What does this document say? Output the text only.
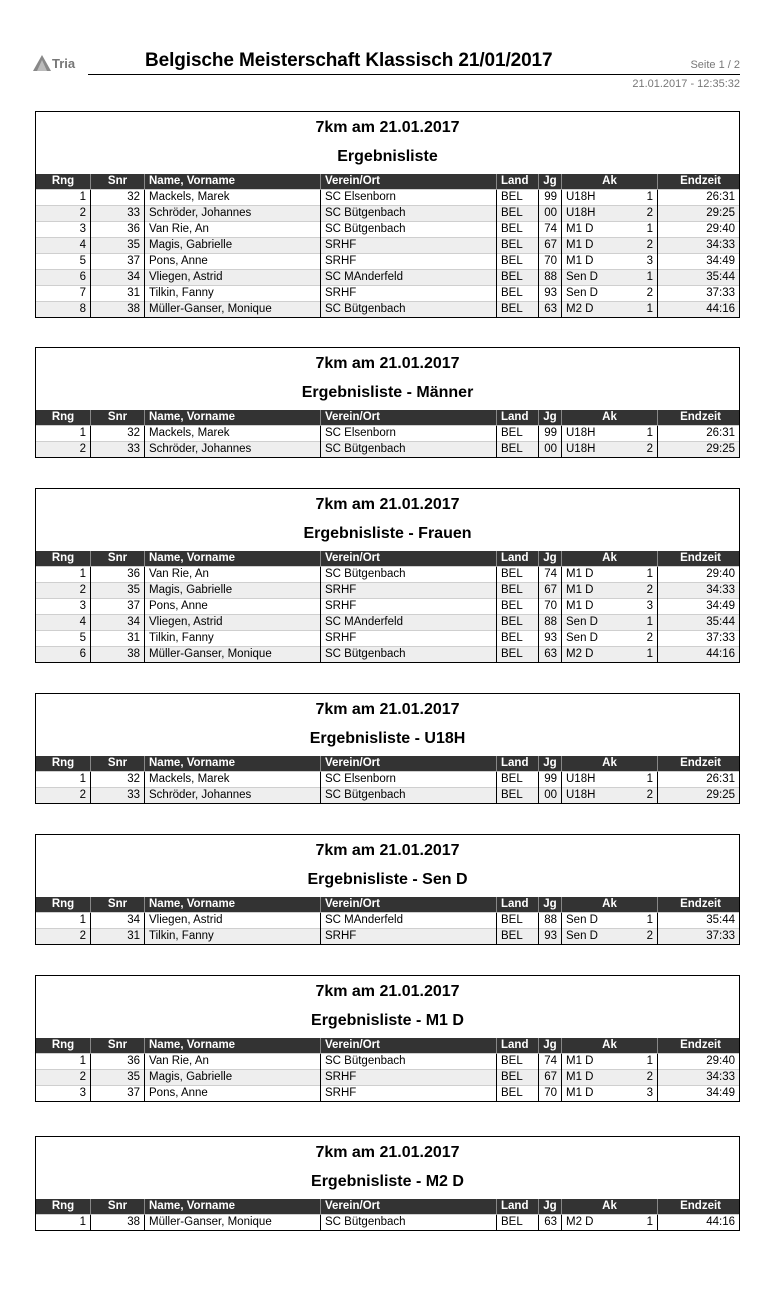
Tria	Belgische Meisterschaft Klassisch 21/01/2017	Seite 1 / 2
21.01.2017 - 12:35:32
7km am 21.01.2017
Ergebnisliste
Rng	Snr	Name, Vorname	Verein/Ort	Land	Jg	Ak	Endzeit
1	32	Mackels, Marek	SC Elsenborn	BEL	99	U18H 1	26:31
2	33	Schröder, Johannes	SC Bütgenbach	BEL	00	U18H 2	29:25
3	36	Van Rie, An	SC Bütgenbach	BEL	74	M1 D 1	29:40
4	35	Magis, Gabrielle	SRHF	BEL	67	M1 D 2	34:33
5	37	Pons, Anne	SRHF	BEL	70	M1 D 3	34:49
6	34	Vliegen, Astrid	SC MAnderfeld	BEL	88	Sen D 1	35:44
7	31	Tilkin, Fanny	SRHF	BEL	93	Sen D 2	37:33
8	38	Müller-Ganser, Monique	SC Bütgenbach	BEL	63	M2 D 1	44:16
7km am 21.01.2017
Ergebnisliste - Männer
Rng	Snr	Name, Vorname	Verein/Ort	Land	Jg	Ak	Endzeit
1	32	Mackels, Marek	SC Elsenborn	BEL	99	U18H 1	26:31
2	33	Schröder, Johannes	SC Bütgenbach	BEL	00	U18H 2	29:25
7km am 21.01.2017
Ergebnisliste - Frauen
Rng	Snr	Name, Vorname	Verein/Ort	Land	Jg	Ak	Endzeit
1	36	Van Rie, An	SC Bütgenbach	BEL	74	M1 D 1	29:40
2	35	Magis, Gabrielle	SRHF	BEL	67	M1 D 2	34:33
3	37	Pons, Anne	SRHF	BEL	70	M1 D 3	34:49
4	34	Vliegen, Astrid	SC MAnderfeld	BEL	88	Sen D 1	35:44
5	31	Tilkin, Fanny	SRHF	BEL	93	Sen D 2	37:33
6	38	Müller-Ganser, Monique	SC Bütgenbach	BEL	63	M2 D 1	44:16
7km am 21.01.2017
Ergebnisliste - U18H
Rng	Snr	Name, Vorname	Verein/Ort	Land	Jg	Ak	Endzeit
1	32	Mackels, Marek	SC Elsenborn	BEL	99	U18H 1	26:31
2	33	Schröder, Johannes	SC Bütgenbach	BEL	00	U18H 2	29:25
7km am 21.01.2017
Ergebnisliste - Sen D
Rng	Snr	Name, Vorname	Verein/Ort	Land	Jg	Ak	Endzeit
1	34	Vliegen, Astrid	SC MAnderfeld	BEL	88	Sen D 1	35:44
2	31	Tilkin, Fanny	SRHF	BEL	93	Sen D 2	37:33
7km am 21.01.2017
Ergebnisliste - M1 D
Rng	Snr	Name, Vorname	Verein/Ort	Land	Jg	Ak	Endzeit
1	36	Van Rie, An	SC Bütgenbach	BEL	74	M1 D 1	29:40
2	35	Magis, Gabrielle	SRHF	BEL	67	M1 D 2	34:33
3	37	Pons, Anne	SRHF	BEL	70	M1 D 3	34:49
7km am 21.01.2017
Ergebnisliste - M2 D
Rng	Snr	Name, Vorname	Verein/Ort	Land	Jg	Ak	Endzeit
1	38	Müller-Ganser, Monique	SC Bütgenbach	BEL	63	M2 D 1	44:16
